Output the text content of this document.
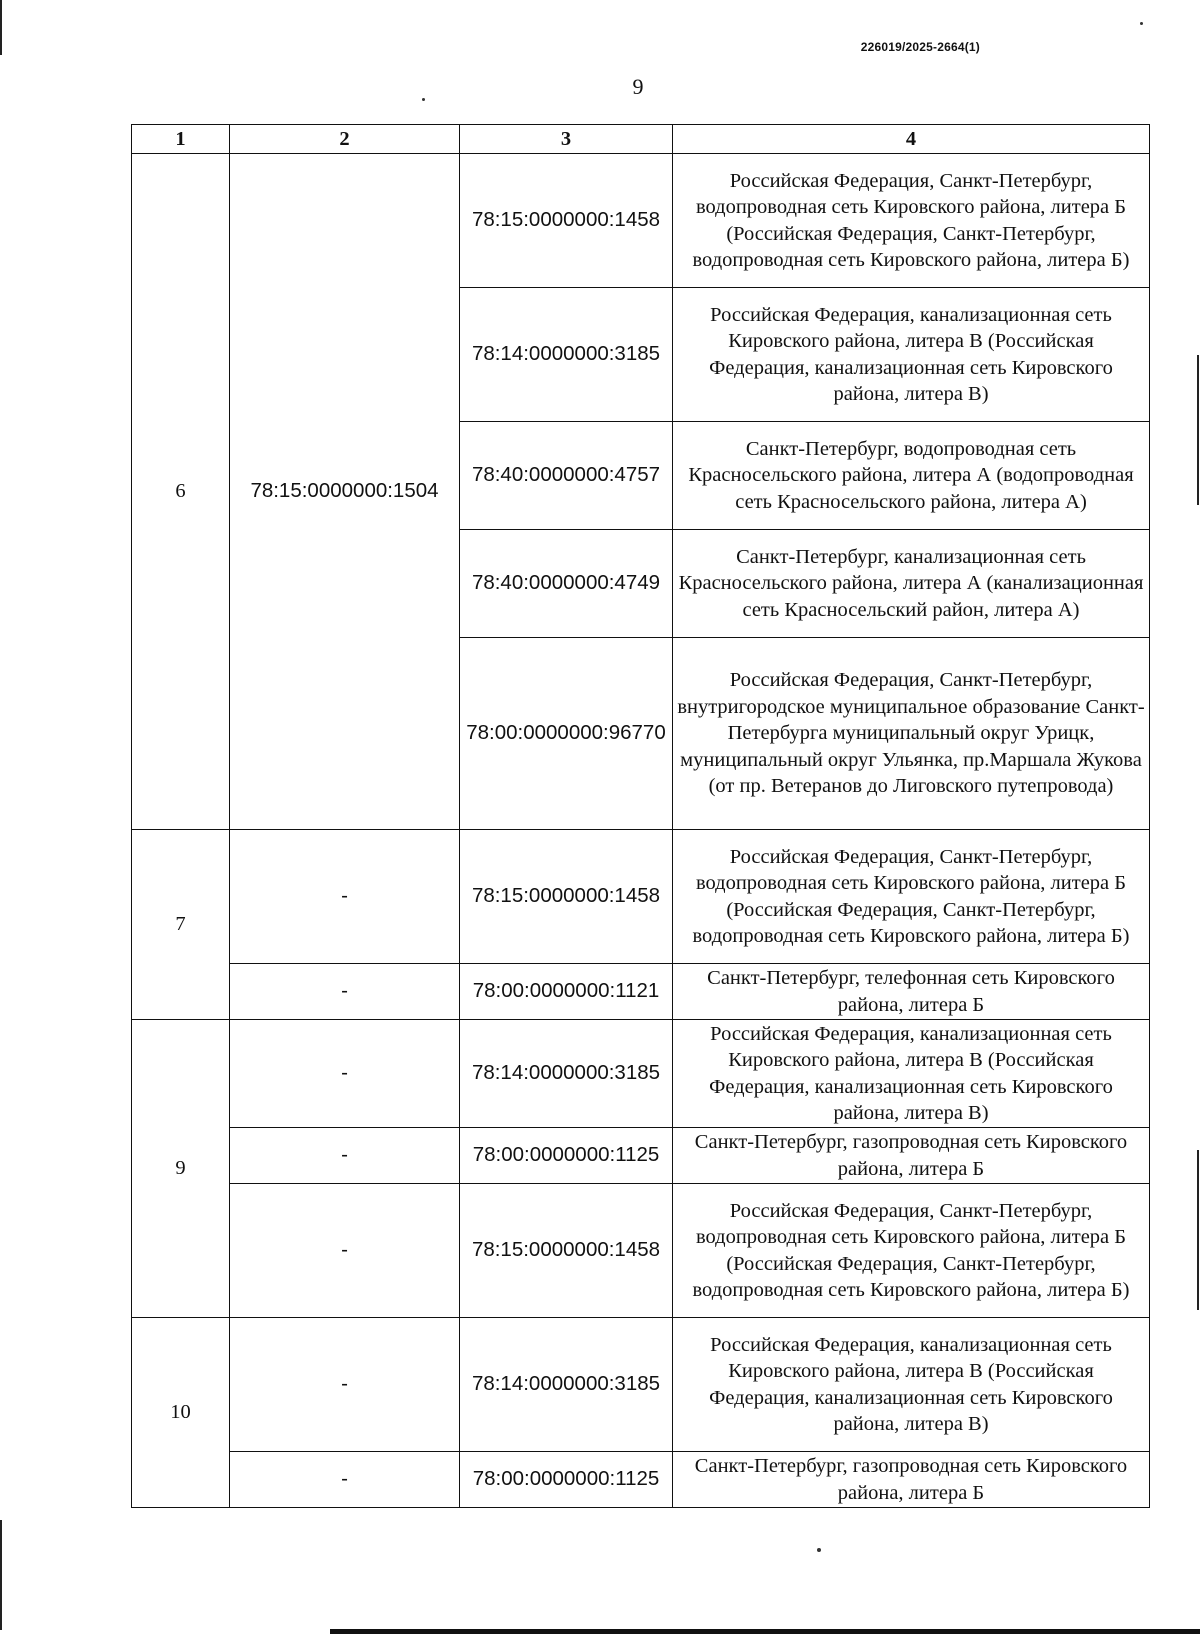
226019/2025-2664(1)
9
1	2	3	4
6	78:15:0000000:1504	78:15:0000000:1458	Российская Федерация, Санкт-Петербург, водопроводная сеть Кировского района, литера Б (Российская Федерация, Санкт-Петербург, водопроводная сеть Кировского района, литера Б)
		78:14:0000000:3185	Российская Федерация, канализационная сеть Кировского района, литера В (Российская Федерация, канализационная сеть Кировского района, литера В)
		78:40:0000000:4757	Санкт-Петербург, водопроводная сеть Красносельского района, литера А (водопроводная сеть Красносельского района, литера А)
		78:40:0000000:4749	Санкт-Петербург, канализационная сеть Красносельского района, литера А (канализационная сеть Красносельский район, литера А)
		78:00:0000000:96770	Российская Федерация, Санкт-Петербург, внутригородское муниципальное образование Санкт-Петербурга муниципальный округ Урицк, муниципальный округ Ульянка, пр.Маршала Жукова (от пр. Ветеранов до Лиговского путепровода)
7	-	78:15:0000000:1458	Российская Федерация, Санкт-Петербург, водопроводная сеть Кировского района, литера Б (Российская Федерация, Санкт-Петербург, водопроводная сеть Кировского района, литера Б)
	-	78:00:0000000:1121	Санкт-Петербург, телефонная сеть Кировского района, литера Б
9	-	78:14:0000000:3185	Российская Федерация, канализационная сеть Кировского района, литера В (Российская Федерация, канализационная сеть Кировского района, литера В)
	-	78:00:0000000:1125	Санкт-Петербург, газопроводная сеть Кировского района, литера Б
	-	78:15:0000000:1458	Российская Федерация, Санкт-Петербург, водопроводная сеть Кировского района, литера Б (Российская Федерация, Санкт-Петербург, водопроводная сеть Кировского района, литера Б)
10	-	78:14:0000000:3185	Российская Федерация, канализационная сеть Кировского района, литера В (Российская Федерация, канализационная сеть Кировского района, литера В)
	-	78:00:0000000:1125	Санкт-Петербург, газопроводная сеть Кировского района, литера Б
